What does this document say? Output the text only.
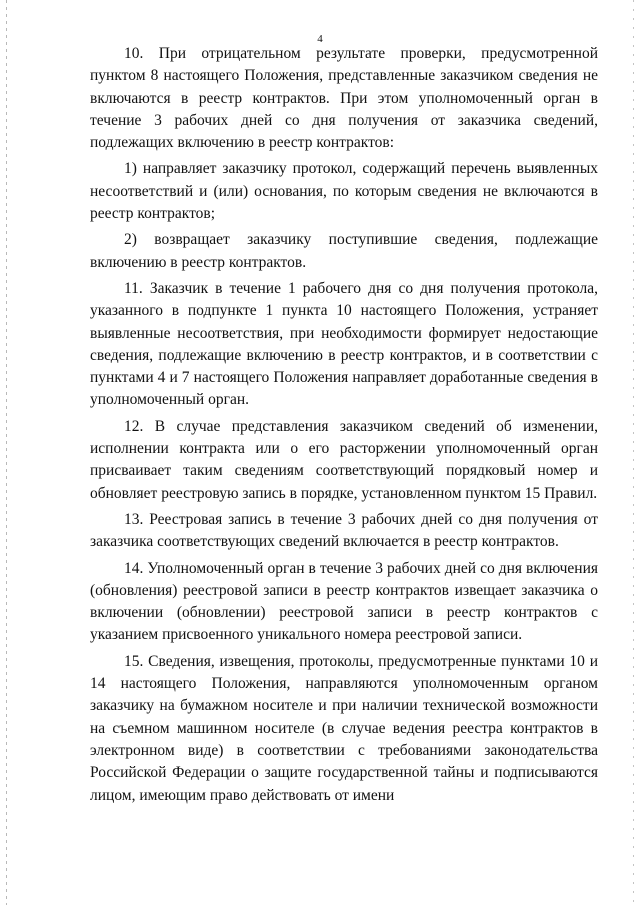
4

10. При отрицательном результате проверки, предусмотренной пунктом 8 настоящего Положения, представленные заказчиком сведения не включаются в реестр контрактов. При этом уполномоченный орган в течение 3 рабочих дней со дня получения от заказчика сведений, подлежащих включению в реестр контрактов:

1) направляет заказчику протокол, содержащий перечень выявленных несоответствий и (или) основания, по которым сведения не включаются в реестр контрактов;

2) возвращает заказчику поступившие сведения, подлежащие включению в реестр контрактов.

11. Заказчик в течение 1 рабочего дня со дня получения протокола, указанного в подпункте 1 пункта 10 настоящего Положения, устраняет выявленные несоответствия, при необходимости формирует недостающие сведения, подлежащие включению в реестр контрактов, и в соответствии с пунктами 4 и 7 настоящего Положения направляет доработанные сведения в уполномоченный орган.

12. В случае представления заказчиком сведений об изменении, исполнении контракта или о его расторжении уполномоченный орган присваивает таким сведениям соответствующий порядковый номер и обновляет реестровую запись в порядке, установленном пунктом 15 Правил.

13. Реестровая запись в течение 3 рабочих дней со дня получения от заказчика соответствующих сведений включается в реестр контрактов.

14. Уполномоченный орган в течение 3 рабочих дней со дня включения (обновления) реестровой записи в реестр контрактов извещает заказчика о включении (обновлении) реестровой записи в реестр контрактов с указанием присвоенного уникального номера реестровой записи.

15. Сведения, извещения, протоколы, предусмотренные пунктами 10 и 14 настоящего Положения, направляются уполномоченным органом заказчику на бумажном носителе и при наличии технической возможности на съемном машинном носителе (в случае ведения реестра контрактов в электронном виде) в соответствии с требованиями законодательства Российской Федерации о защите государственной тайны и подписываются лицом, имеющим право действовать от имени
